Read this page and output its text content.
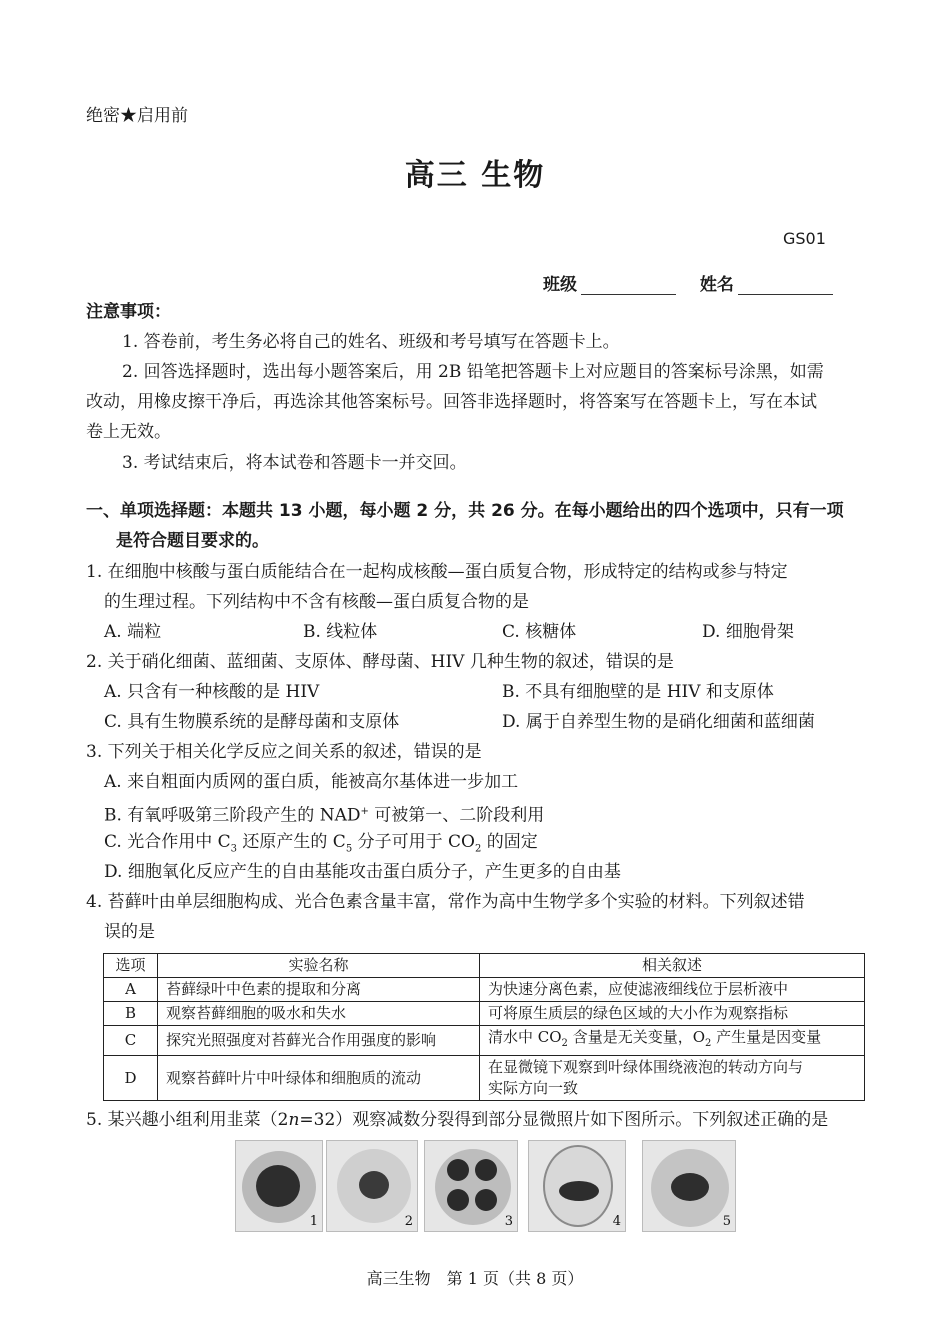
绝密★启用前
高三 生物
GS01
班级	姓名
注意事项：
1. 答卷前，考生务必将自己的姓名、班级和考号填写在答题卡上。
2. 回答选择题时，选出每小题答案后，用 2B 铅笔把答题卡上对应题目的答案标号涂黑，如需
改动，用橡皮擦干净后，再选涂其他答案标号。回答非选择题时，将答案写在答题卡上，写在本试
卷上无效。
3. 考试结束后，将本试卷和答题卡一并交回。
一、单项选择题：本题共 13 小题，每小题 2 分，共 26 分。在每小题给出的四个选项中，只有一项
是符合题目要求的。
1. 在细胞中核酸与蛋白质能结合在一起构成核酸—蛋白质复合物，形成特定的结构或参与特定
的生理过程。下列结构中不含有核酸—蛋白质复合物的是
A. 端粒	B. 线粒体	C. 核糖体	D. 细胞骨架
2. 关于硝化细菌、蓝细菌、支原体、酵母菌、HIV 几种生物的叙述，错误的是
A. 只含有一种核酸的是 HIV	B. 不具有细胞壁的是 HIV 和支原体
C. 具有生物膜系统的是酵母菌和支原体	D. 属于自养型生物的是硝化细菌和蓝细菌
3. 下列关于相关化学反应之间关系的叙述，错误的是
A. 来自粗面内质网的蛋白质，能被高尔基体进一步加工
B. 有氧呼吸第三阶段产生的 NAD+ 可被第一、二阶段利用
C. 光合作用中 $C_3$ 还原产生的 $C_5$ 分子可用于 $CO_2$ 的固定
D. 细胞氧化反应产生的自由基能攻击蛋白质分子，产生更多的自由基
4. 苔藓叶由单层细胞构成、光合色素含量丰富，常作为高中生物学多个实验的材料。下列叙述错
误的是
选项	实验名称	相关叙述
A	苔藓绿叶中色素的提取和分离	为快速分离色素，应使滤液细线位于层析液中
B	观察苔藓细胞的吸水和失水	可将原生质层的绿色区域的大小作为观察指标
C	探究光照强度对苔藓光合作用强度的影响	清水中 $CO_2$ 含量是无关变量，$O_2$ 产生量是因变量
D	观察苔藓叶片中叶绿体和细胞质的流动	在显微镜下观察到叶绿体围绕液泡的转动方向与
实际方向一致
5. 某兴趣小组利用韭菜（2n=32）观察减数分裂得到部分显微照片如下图所示。下列叙述正确的是
1	2	3	4	5
高三生物　第 1 页（共 8 页）
